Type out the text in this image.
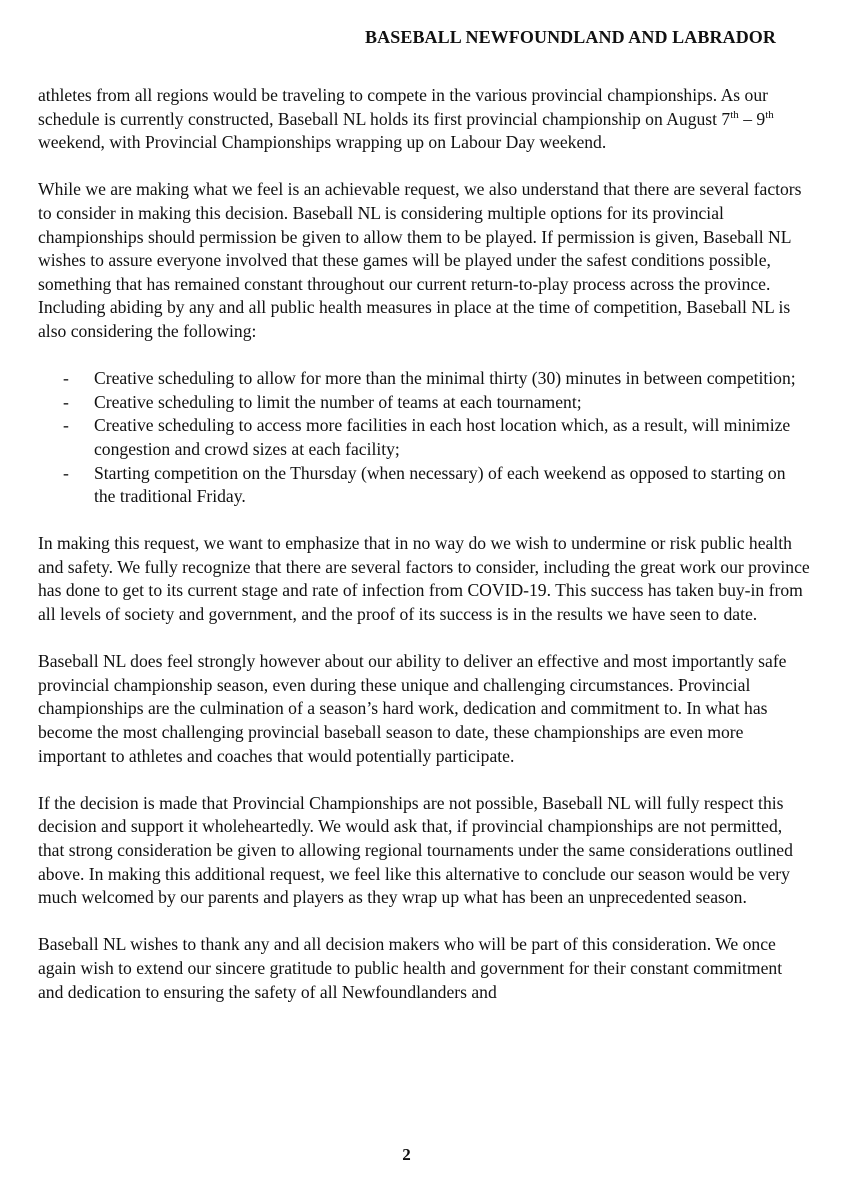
BASEBALL NEWFOUNDLAND AND LABRADOR

athletes from all regions would be traveling to compete in the various provincial championships. As our schedule is currently constructed, Baseball NL holds its first provincial championship on August 7th – 9th weekend, with Provincial Championships wrapping up on Labour Day weekend.

While we are making what we feel is an achievable request, we also understand that there are several factors to consider in making this decision. Baseball NL is considering multiple options for its provincial championships should permission be given to allow them to be played. If permission is given, Baseball NL wishes to assure everyone involved that these games will be played under the safest conditions possible, something that has remained constant throughout our current return-to-play process across the province. Including abiding by any and all public health measures in place at the time of competition, Baseball NL is also considering the following:

- Creative scheduling to allow for more than the minimal thirty (30) minutes in between competition;
- Creative scheduling to limit the number of teams at each tournament;
- Creative scheduling to access more facilities in each host location which, as a result, will minimize congestion and crowd sizes at each facility;
- Starting competition on the Thursday (when necessary) of each weekend as opposed to starting on the traditional Friday.

In making this request, we want to emphasize that in no way do we wish to undermine or risk public health and safety. We fully recognize that there are several factors to consider, including the great work our province has done to get to its current stage and rate of infection from COVID-19. This success has taken buy-in from all levels of society and government, and the proof of its success is in the results we have seen to date.

Baseball NL does feel strongly however about our ability to deliver an effective and most importantly safe provincial championship season, even during these unique and challenging circumstances. Provincial championships are the culmination of a season’s hard work, dedication and commitment to. In what has become the most challenging provincial baseball season to date, these championships are even more important to athletes and coaches that would potentially participate.

If the decision is made that Provincial Championships are not possible, Baseball NL will fully respect this decision and support it wholeheartedly. We would ask that, if provincial championships are not permitted, that strong consideration be given to allowing regional tournaments under the same considerations outlined above. In making this additional request, we feel like this alternative to conclude our season would be very much welcomed by our parents and players as they wrap up what has been an unprecedented season.

Baseball NL wishes to thank any and all decision makers who will be part of this consideration. We once again wish to extend our sincere gratitude to public health and government for their constant commitment and dedication to ensuring the safety of all Newfoundlanders and

2
